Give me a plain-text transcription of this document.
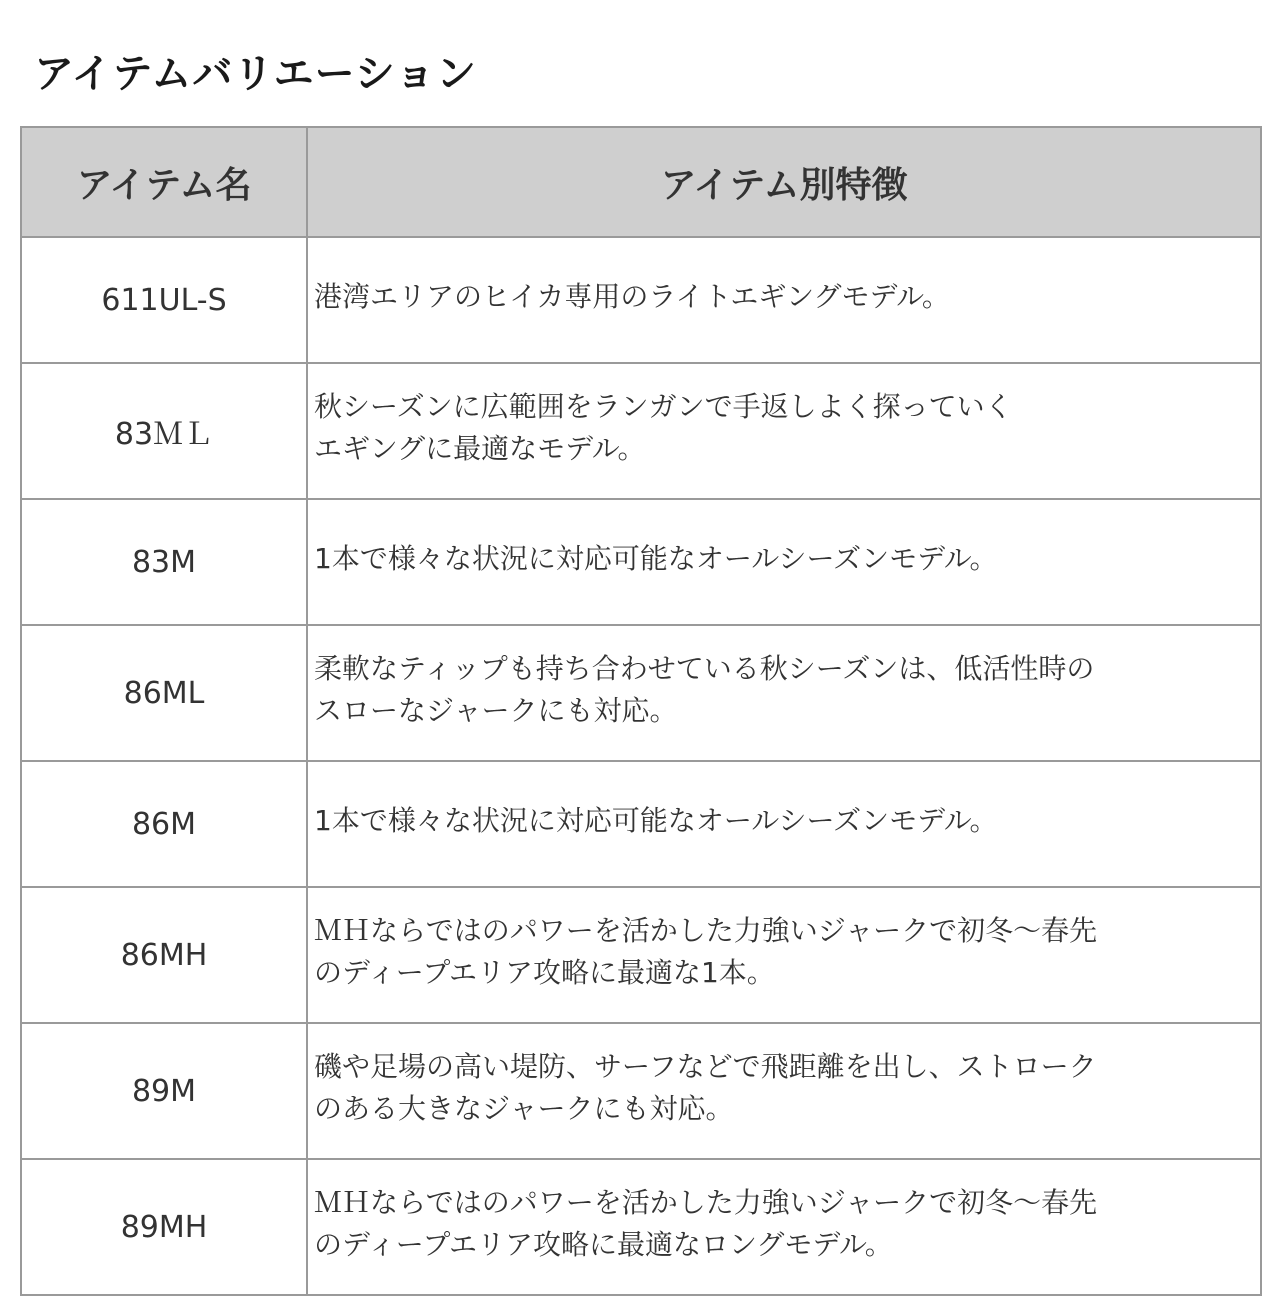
アイテムバリエーション
アイテム名	アイテム別特徴
611UL-S	港湾エリアのヒイカ専用のライトエギングモデル。
83ＭＬ	秋シーズンに広範囲をランガンで手返しよく探っていく
エギングに最適なモデル。
83M	1本で様々な状況に対応可能なオールシーズンモデル。
86ML	柔軟なティップも持ち合わせている秋シーズンは、低活性時の
スローなジャークにも対応。
86M	1本で様々な状況に対応可能なオールシーズンモデル。
86MH	ＭＨならではのパワーを活かした力強いジャークで初冬～春先
のディープエリア攻略に最適な1本。
89M	磯や足場の高い堤防、サーフなどで飛距離を出し、ストローク
のある大きなジャークにも対応。
89MH	ＭＨならではのパワーを活かした力強いジャークで初冬～春先
のディープエリア攻略に最適なロングモデル。
